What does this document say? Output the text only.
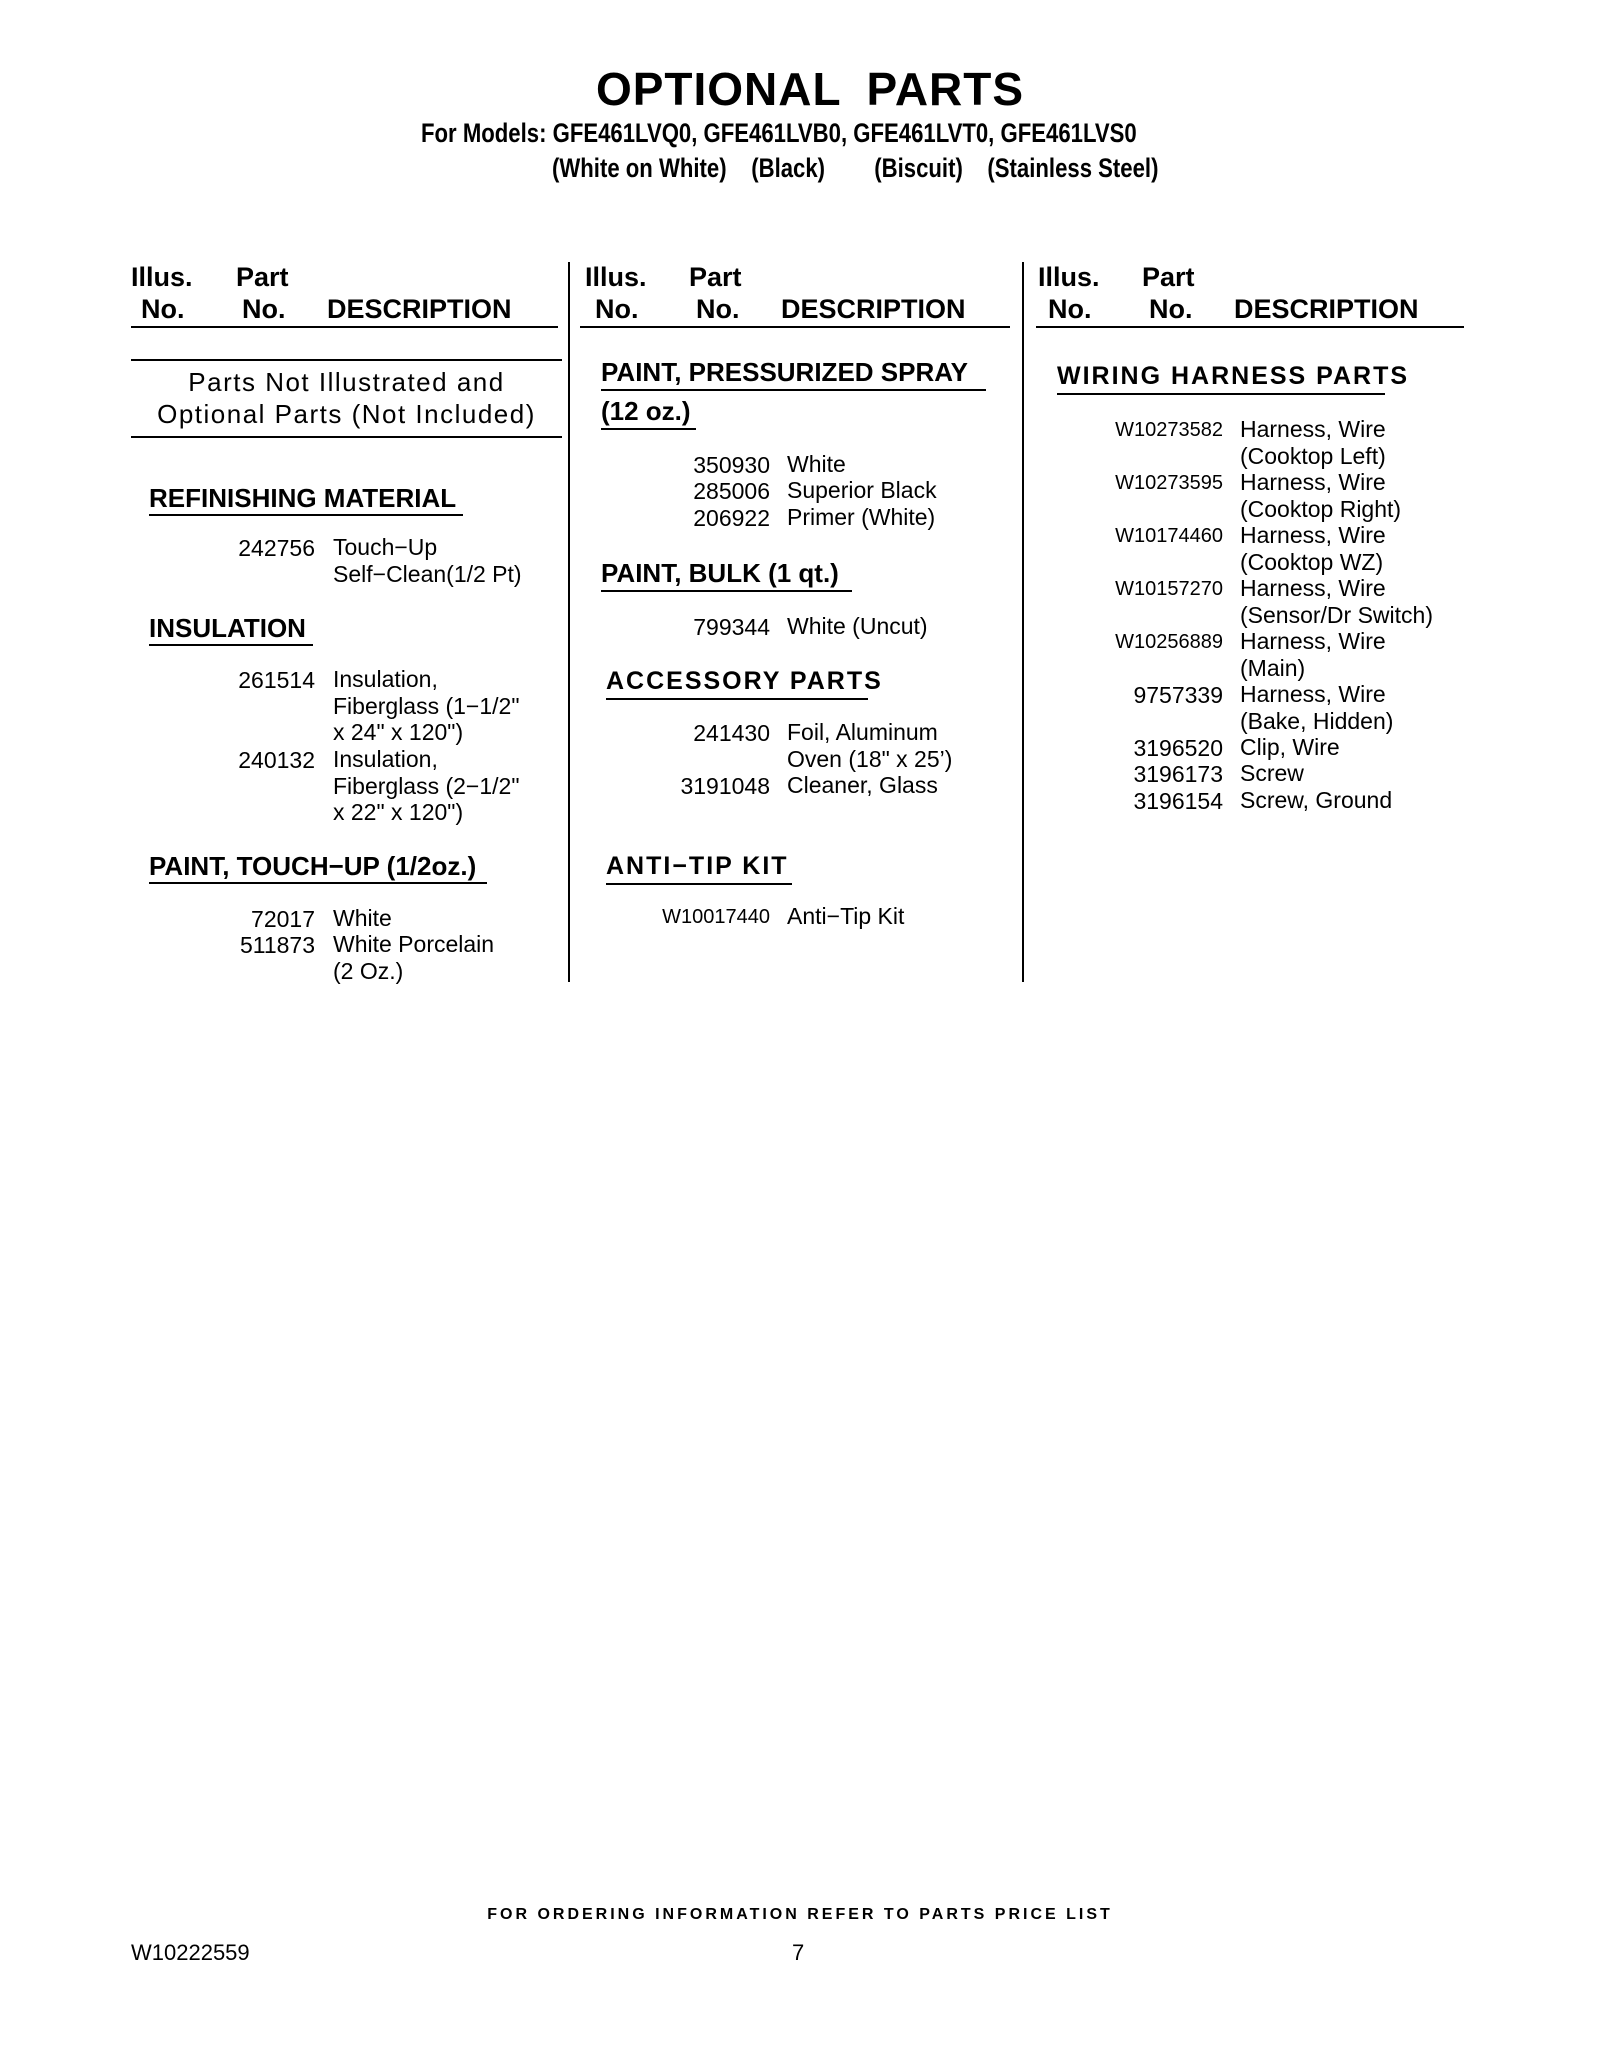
OPTIONAL PARTS
For Models: GFE461LVQ0, GFE461LVB0, GFE461LVT0, GFE461LVS0
(White on White)    (Black)        (Biscuit)    (Stainless Steel)
Illus. Part
No. No. DESCRIPTION
Illus. Part
No. No. DESCRIPTION
Illus. Part
No. No. DESCRIPTION
Parts Not Illustrated and
Optional Parts (Not Included)
REFINISHING MATERIAL
242756 Touch−Up
Self−Clean(1/2 Pt)
INSULATION
261514 Insulation,
Fiberglass (1−1/2"
x 24" x 120")
240132 Insulation,
Fiberglass (2−1/2"
x 22" x 120")
PAINT, TOUCH−UP (1/2oz.)
72017 White
511873 White Porcelain
(2 Oz.)
PAINT, PRESSURIZED SPRAY
(12 oz.)
350930 White
285006 Superior Black
206922 Primer (White)
PAINT, BULK (1 qt.)
799344 White (Uncut)
ACCESSORY PARTS
241430 Foil, Aluminum
Oven (18" x 25’)
3191048 Cleaner, Glass
ANTI−TIP KIT
W10017440 Anti−Tip Kit
WIRING HARNESS PARTS
W10273582 Harness, Wire
(Cooktop Left)
W10273595 Harness, Wire
(Cooktop Right)
W10174460 Harness, Wire
(Cooktop WZ)
W10157270 Harness, Wire
(Sensor/Dr Switch)
W10256889 Harness, Wire
(Main)
9757339 Harness, Wire
(Bake, Hidden)
3196520 Clip, Wire
3196173 Screw
3196154 Screw, Ground
FOR ORDERING INFORMATION REFER TO PARTS PRICE LIST
W10222559	7
